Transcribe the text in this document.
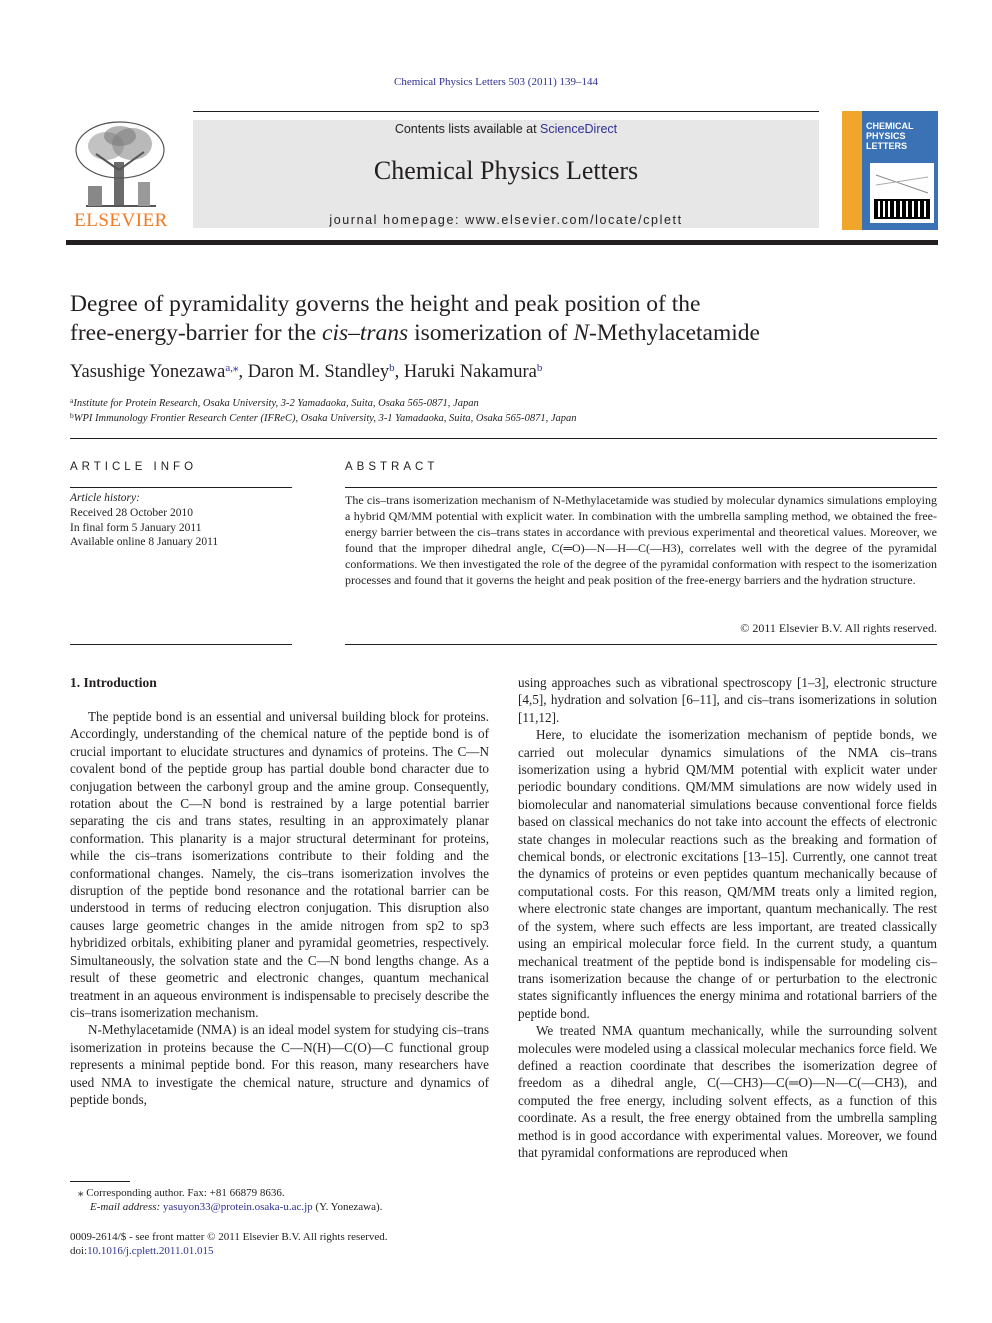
Chemical Physics Letters 503 (2011) 139–144
ELSEVIER
Contents lists available at ScienceDirect
Chemical Physics Letters
journal homepage: www.elsevier.com/locate/cplett
CHEMICAL
PHYSICS
LETTERS
Degree of pyramidality governs the height and peak position of the
free-energy-barrier for the cis–trans isomerization of N-Methylacetamide
Yasushige Yonezawa$^{a,⁎}$, Daron M. Standley$^b$, Haruki Nakamura$^b$
$^a$Institute for Protein Research, Osaka University, 3-2 Yamadaoka, Suita, Osaka 565-0871, Japan
$^b$WPI Immunology Frontier Research Center (IFReC), Osaka University, 3-1 Yamadaoka, Suita, Osaka 565-0871, Japan
ARTICLE INFO
Article history:
Received 28 October 2010
In final form 5 January 2011
Available online 8 January 2011
ABSTRACT
The cis–trans isomerization mechanism of N-Methylacetamide was studied by molecular dynamics simulations employing a hybrid QM/MM potential with explicit water. In combination with the umbrella sampling method, we obtained the free-energy barrier between the cis–trans states in accordance with previous experimental and theoretical values. Moreover, we found that the improper dihedral angle, C(═O)—N—H—C(—H3), correlates well with the degree of the pyramidal conformations. We then investigated the role of the degree of the pyramidal conformation with respect to the isomerization processes and found that it governs the height and peak position of the free-energy barriers and the hydration structure.
© 2011 Elsevier B.V. All rights reserved.
1. Introduction

The peptide bond is an essential and universal building block for proteins. Accordingly, understanding of the chemical nature of the peptide bond is of crucial important to elucidate structures and dynamics of proteins. The C—N covalent bond of the peptide group has partial double bond character due to conjugation between the carbonyl group and the amine group. Consequently, rotation about the C—N bond is restrained by a large potential barrier separating the cis and trans states, resulting in an approximately planar conformation. This planarity is a major structural determinant for proteins, while the cis–trans isomerizations contribute to their folding and the conformational changes. Namely, the cis–trans isomerization involves the disruption of the peptide bond resonance and the rotational barrier can be understood in terms of reducing electron conjugation. This disruption also causes large geometric changes in the amide nitrogen from sp2 to sp3 hybridized orbitals, exhibiting planer and pyramidal geometries, respectively. Simultaneously, the solvation state and the C—N bond lengths change. As a result of these geometric and electronic changes, quantum mechanical treatment in an aqueous environment is indispensable to precisely describe the cis–trans isomerization mechanism.

N-Methylacetamide (NMA) is an ideal model system for studying cis–trans isomerization in proteins because the C—N(H)—C(O)—C functional group represents a minimal peptide bond. For this reason, many researchers have used NMA to investigate the chemical nature, structure and dynamics of peptide bonds,

using approaches such as vibrational spectroscopy [1–3], electronic structure [4,5], hydration and solvation [6–11], and cis–trans isomerizations in solution [11,12].

Here, to elucidate the isomerization mechanism of peptide bonds, we carried out molecular dynamics simulations of the NMA cis–trans isomerization using a hybrid QM/MM potential with explicit water under periodic boundary conditions. QM/MM simulations are now widely used in biomolecular and nanomaterial simulations because conventional force fields based on classical mechanics do not take into account the effects of electronic state changes in molecular reactions such as the breaking and formation of chemical bonds, or electronic excitations [13–15]. Currently, one cannot treat the dynamics of proteins or even peptides quantum mechanically because of computational costs. For this reason, QM/MM treats only a limited region, where electronic state changes are important, quantum mechanically. The rest of the system, where such effects are less important, are treated classically using an empirical molecular force field. In the current study, a quantum mechanical treatment of the peptide bond is indispensable for modeling cis–trans isomerization because the change of or perturbation to the electronic states significantly influences the energy minima and rotational barriers of the peptide bond.

We treated NMA quantum mechanically, while the surrounding solvent molecules were modeled using a classical molecular mechanics force field. We defined a reaction coordinate that describes the isomerization degree of freedom as a dihedral angle, C(—CH3)—C(═O)—N—C(—CH3), and computed the free energy, including solvent effects, as a function of this coordinate. As a result, the free energy obtained from the umbrella sampling method is in good accordance with experimental values. Moreover, we found that pyramidal conformations are reproduced when

⁎ Corresponding author. Fax: +81 66879 8636.
E-mail address: yasuyon33@protein.osaka-u.ac.jp (Y. Yonezawa).
0009-2614/$ - see front matter © 2011 Elsevier B.V. All rights reserved.
doi:10.1016/j.cplett.2011.01.015
